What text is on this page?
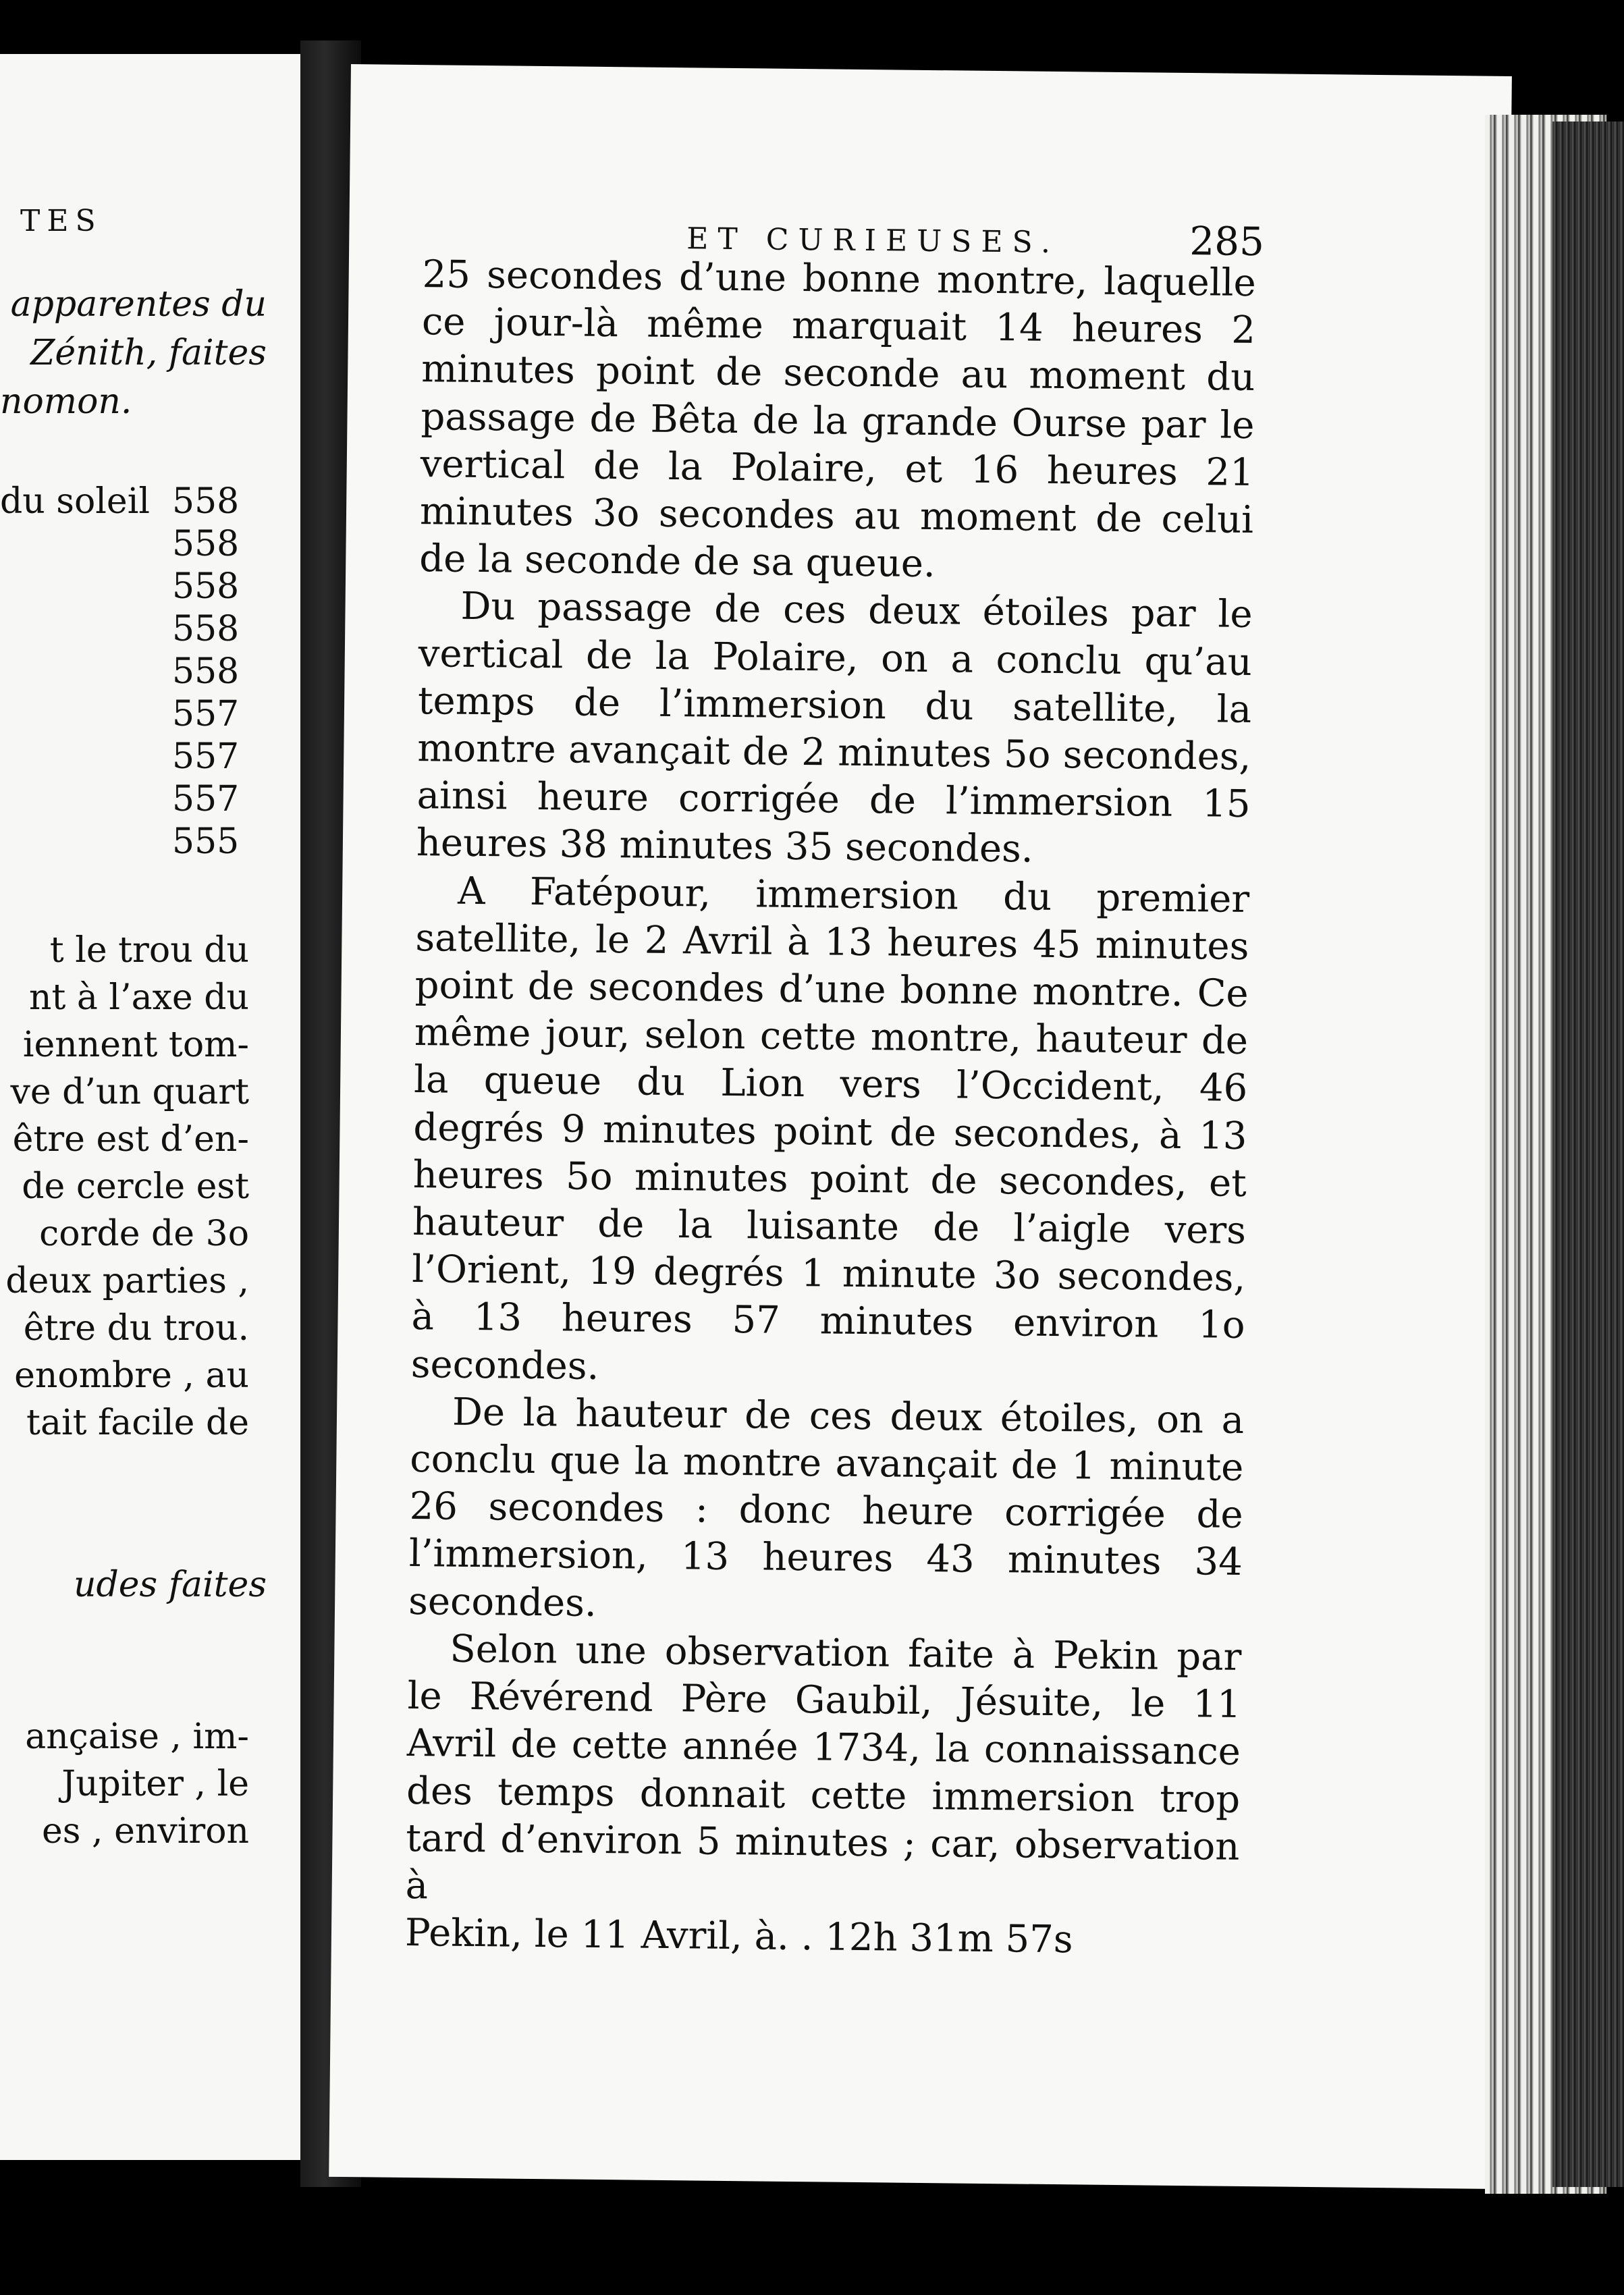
TES
apparentes du
Zénith, faites
nomon.
du soleil
t le trou du
nt à l’axe du
iennent tom-
ve d’un quart
être est d’en-
de cercle est
corde de 3o
deux parties ,
être du trou.
enombre , au
tait facile de
udes faites
ançaise , im-
Jupiter , le
es , environ
558
558
558
558
558
557
557
557
555
ET CURIEUSES.	285

25 secondes d’une bonne montre, laquelle ce jour-là même marquait 14 heures 2 minutes point de seconde au moment du passage de Bêta de la grande Ourse par le vertical de la Polaire, et 16 heures 21 minutes 3o secondes au moment de celui de la seconde de sa queue.

Du passage de ces deux étoiles par le vertical de la Polaire, on a conclu qu’au temps de l’immersion du satellite, la montre avançait de 2 minutes 5o secondes, ainsi heure corrigée de l’immersion 15 heures 38 minutes 35 secondes.

A Fatépour, immersion du premier satellite, le 2 Avril à 13 heures 45 minutes point de secondes d’une bonne montre. Ce même jour, selon cette montre, hauteur de la queue du Lion vers l’Occident, 46 degrés 9 minutes point de secondes, à 13 heures 5o minutes point de secondes, et hauteur de la luisante de l’aigle vers l’Orient, 19 degrés 1 minute 3o secondes, à 13 heures 57 minutes environ 1o secondes.

De la hauteur de ces deux étoiles, on a conclu que la montre avançait de 1 minute 26 secondes : donc heure corrigée de l’immersion, 13 heures 43 minutes 34 secondes.

Selon une observation faite à Pekin par le Révérend Père Gaubil, Jésuite, le 11 Avril de cette année 1734, la connaissance des temps donnait cette immersion trop tard d’environ 5 minutes ; car, observation à

Pekin, le 11 Avril, à. . 12h 31m 57s
